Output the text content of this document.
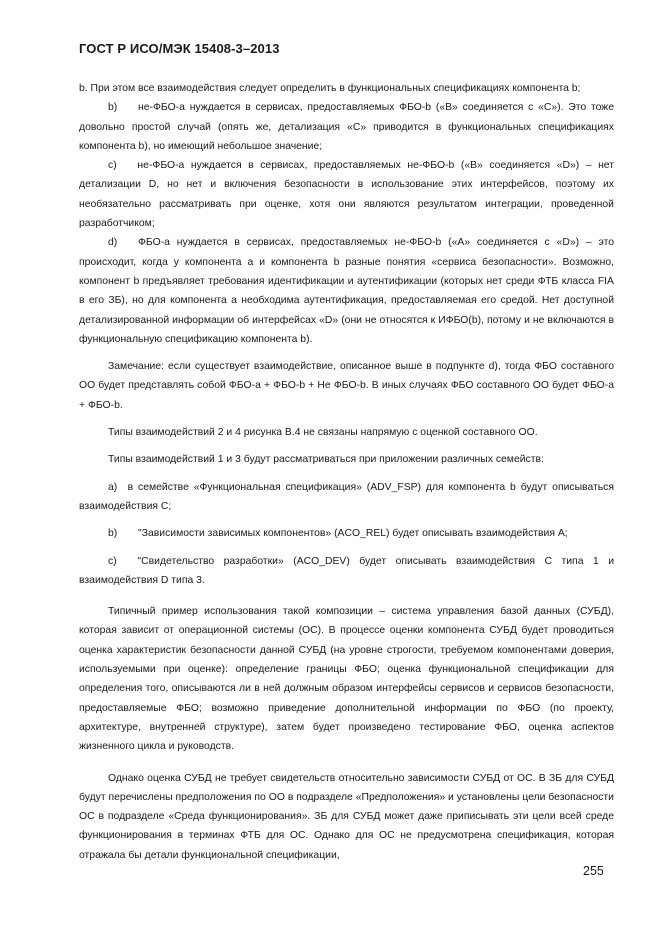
ГОСТ Р ИСО/МЭК 15408-3–2013

b. При этом все взаимодействия следует определить в функциональных спецификациях компонента b;

b)  не-ФБО-а нуждается в сервисах, предоставляемых ФБО-b («В» соединяется с «С»). Это тоже довольно простой случай (опять же, детализация «С» приводится в функциональных спецификациях компонента b), но имеющий небольшое значение;

c)  не-ФБО-а нуждается в сервисах, предоставляемых не-ФБО-b («В» соединяется «D») – нет детализации D, но нет и включения безопасности в использование этих интерфейсов, поэтому их необязательно рассматривать при оценке, хотя они являются результатом интеграции, проведенной разработчиком;

d)  ФБО-а нуждается в сервисах, предоставляемых не-ФБО-b («А» соединяется с «D») – это происходит, когда у компонента а и компонента b разные понятия «сервиса безопасности». Возможно, компонент b предъявляет требования идентификации и аутентификации (которых нет среди ФТБ класса FIA в его ЗБ), но для компонента а необходима аутентификация, предоставляемая его средой. Нет доступной детализированной информации об интерфейсах «D» (они не относятся к ИФБО(b), потому и не включаются в функциональную спецификацию компонента b).

Замечание: если существует взаимодействие, описанное выше в подпункте d), тогда ФБО составного ОО будет представлять собой ФБО-а + ФБО-b + Не ФБО-b. В иных случаях ФБО составного ОО будет ФБО-а + ФБО-b.

Типы взаимодействий 2 и 4 рисунка В.4 не связаны напрямую с оценкой составного ОО.

Типы взаимодействий 1 и 3 будут рассматриваться при приложении различных семейств:

а) в семействе «Функциональная спецификация» (ADV_FSP) для компонента b будут описываться взаимодействия С;

b)  "Зависимости зависимых компонентов» (ACO_REL) будет описывать взаимодействия А;

c)  "Свидетельство разработки» (ACO_DEV) будет описывать взаимодействия С типа 1 и взаимодействия D типа 3.

Типичный пример использования такой композиции – система управления базой данных (СУБД), которая зависит от операционной системы (ОС). В процессе оценки компонента СУБД будет проводиться оценка характеристик безопасности данной СУБД (на уровне строгости, требуемом компонентами доверия, используемыми при оценке): определение границы ФБО; оценка функциональной спецификации для определения того, описываются ли в ней должным образом интерфейсы сервисов и сервисов безопасности, предоставляемые ФБО; возможно приведение дополнительной информации по ФБО (по проекту, архитектуре, внутренней структуре), затем будет произведено тестирование ФБО, оценка аспектов жизненного цикла и руководств.

Однако оценка СУБД не требует свидетельств относительно зависимости СУБД от ОС. В ЗБ для СУБД будут перечислены предположения по ОО в подразделе «Предположения» и установлены цели безопасности ОС в подразделе «Среда функционирования». ЗБ для СУБД может даже приписывать эти цели всей среде функционирования в терминах ФТБ для ОС. Однако для ОС не предусмотрена спецификация, которая отражала бы детали функциональной спецификации,

255
